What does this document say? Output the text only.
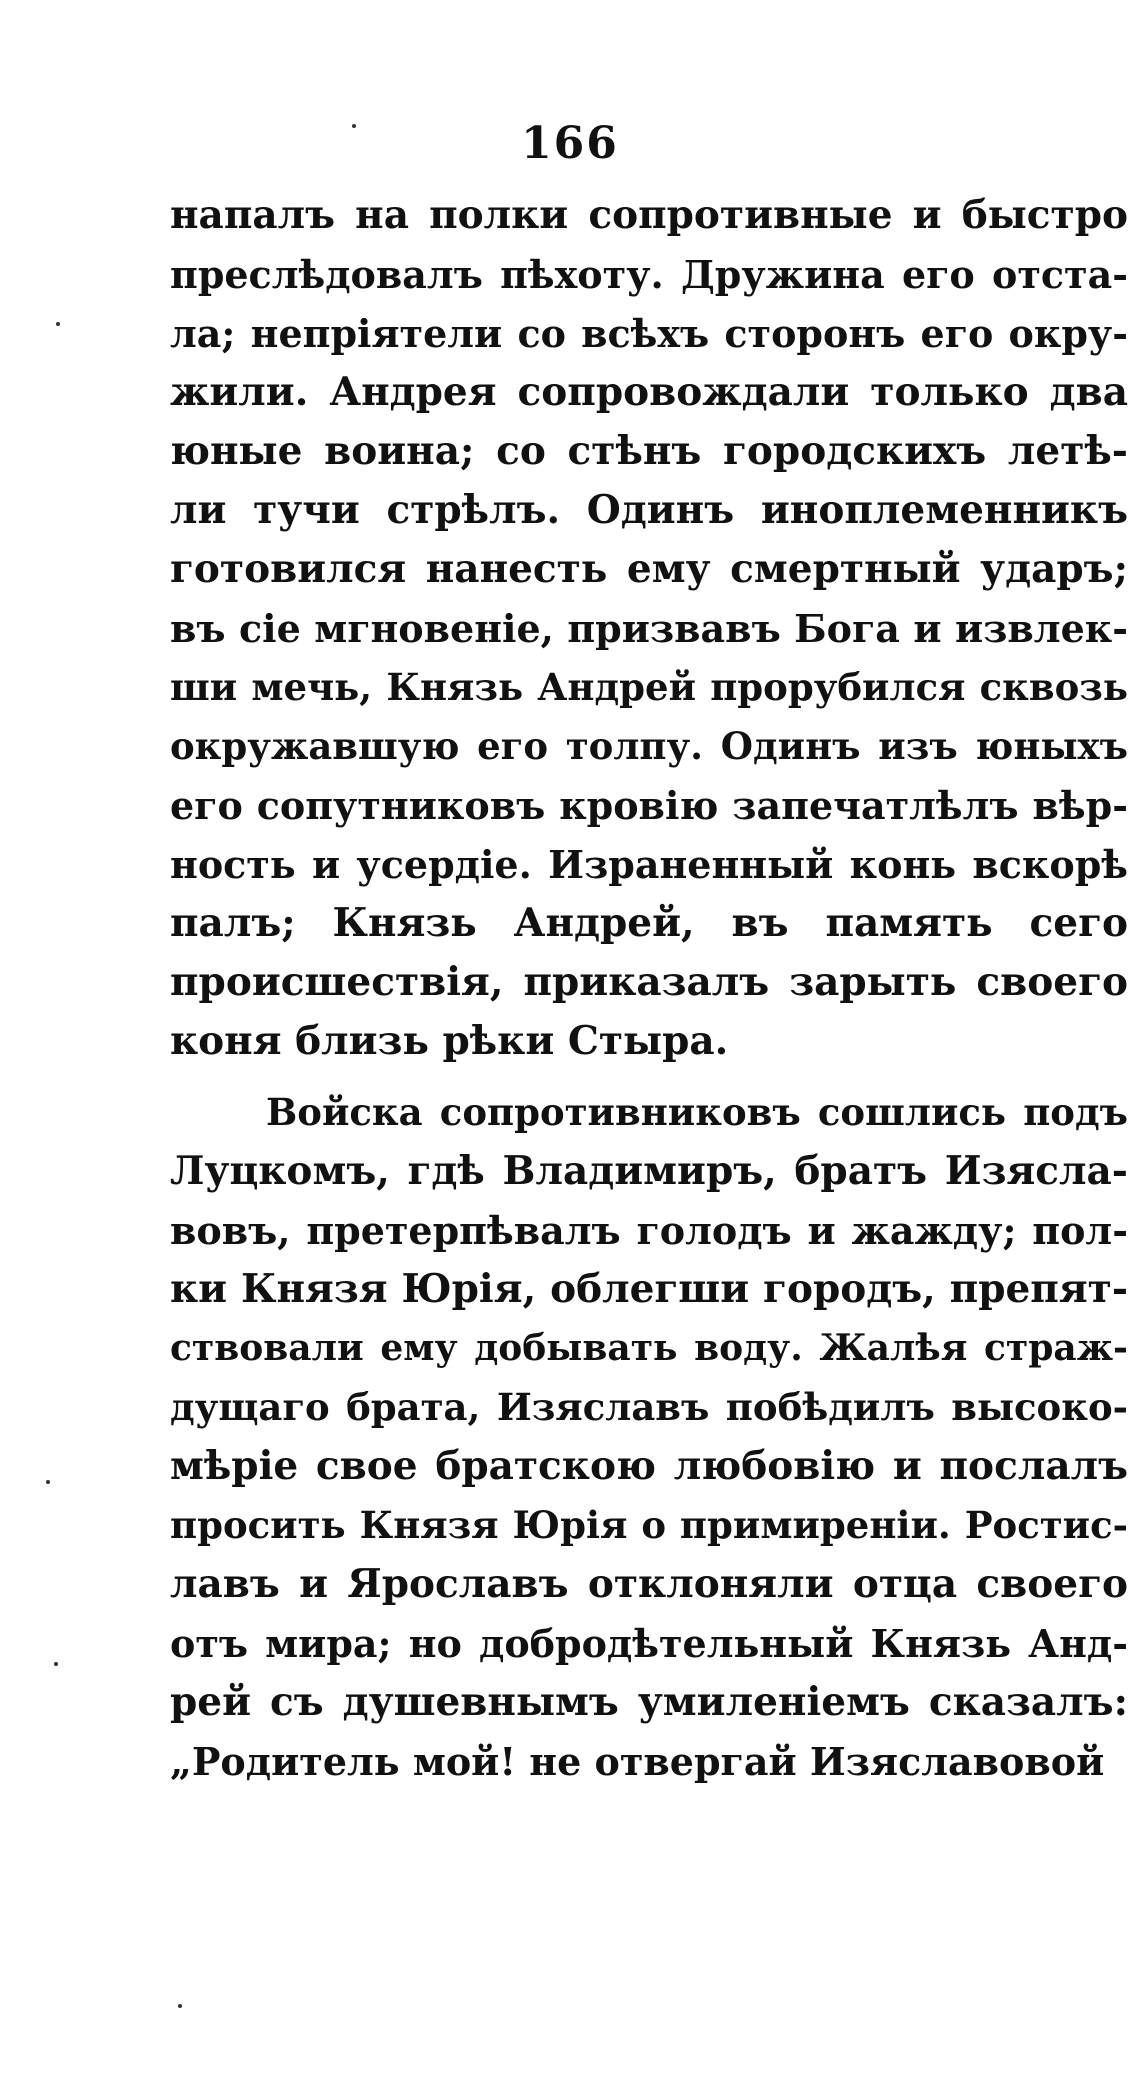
166
напалъ на полки сопротивные и быстро
преслѣдовалъ пѣхоту. Дружина его отста-
ла; непріятели со всѣхъ сторонъ его окру-
жили. Андрея сопровождали только два
юные воина; со стѣнъ городскихъ летѣ-
ли тучи стрѣлъ. Одинъ иноплеменникъ
готовился нанесть ему смертный ударъ;
въ сіе мгновеніе, призвавъ Бога и извлек-
ши мечь, Князь Андрей прорубился сквозь
окружавшую его толпу. Одинъ изъ юныхъ
его сопутниковъ кровію запечатлѣлъ вѣр-
ность и усердіе. Израненный конь вскорѣ
палъ; Князь Андрей, въ память сего
происшествія, приказалъ зарыть своего
коня близь рѣки Стыра.
Войска сопротивниковъ сошлись подъ
Луцкомъ, гдѣ Владимиръ, братъ Изясла-
вовъ, претерпѣвалъ голодъ и жажду; пол-
ки Князя Юрія, облегши городъ, препят-
ствовали ему добывать воду. Жалѣя страж-
дущаго брата, Изяславъ побѣдилъ высоко-
мѣріе свое братскою любовію и послалъ
просить Князя Юрія о примиреніи. Ростис-
лавъ и Ярославъ отклоняли отца своего
отъ мира; но добродѣтельный Князь Анд-
рей съ душевнымъ умиленіемъ сказалъ:
„Родитель мой! не отвергай Изяславовой
